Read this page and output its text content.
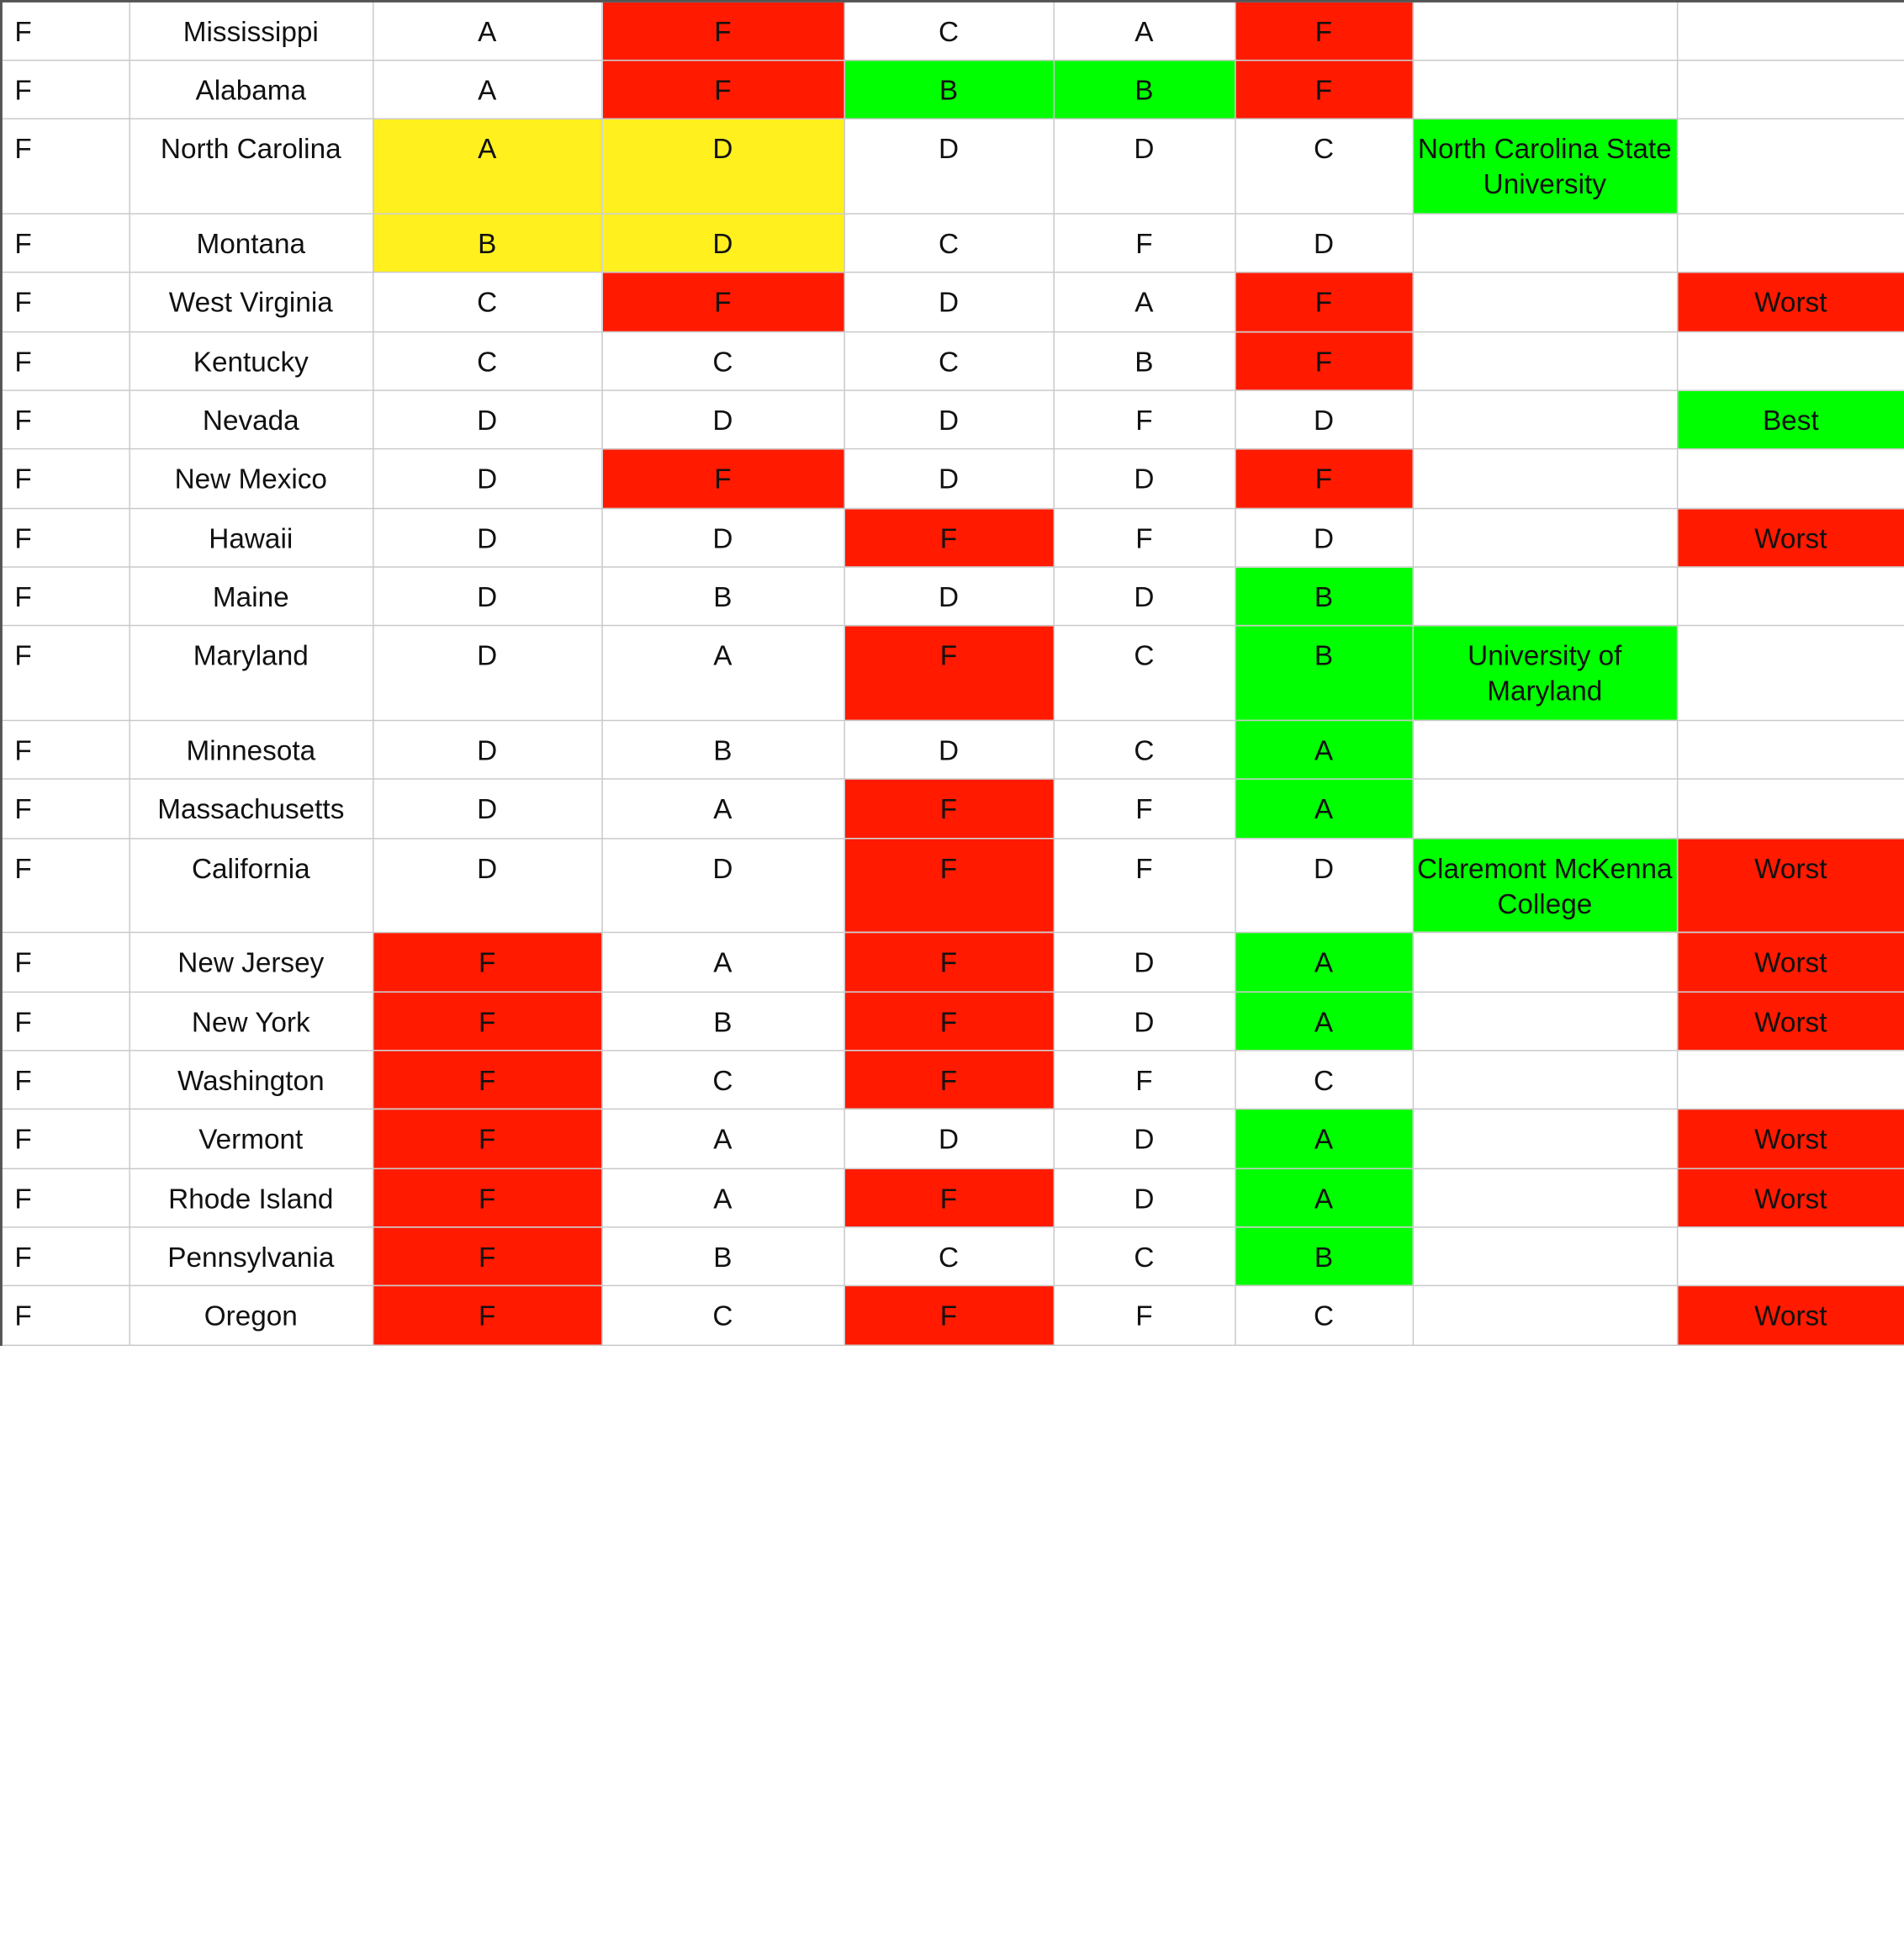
F	Mississippi	A	F	C	A	F		
F	Alabama	A	F	B	B	F		
F	North Carolina	A	D	D	D	C	North Carolina State University	
F	Montana	B	D	C	F	D		
F	West Virginia	C	F	D	A	F		Worst
F	Kentucky	C	C	C	B	F		
F	Nevada	D	D	D	F	D		Best
F	New Mexico	D	F	D	D	F		
F	Hawaii	D	D	F	F	D		Worst
F	Maine	D	B	D	D	B		
F	Maryland	D	A	F	C	B	University of Maryland	
F	Minnesota	D	B	D	C	A		
F	Massachusetts	D	A	F	F	A		
F	California	D	D	F	F	D	Claremont McKenna College	Worst
F	New Jersey	F	A	F	D	A		Worst
F	New York	F	B	F	D	A		Worst
F	Washington	F	C	F	F	C		
F	Vermont	F	A	D	D	A		Worst
F	Rhode Island	F	A	F	D	A		Worst
F	Pennsylvania	F	B	C	C	B		
F	Oregon	F	C	F	F	C		Worst
